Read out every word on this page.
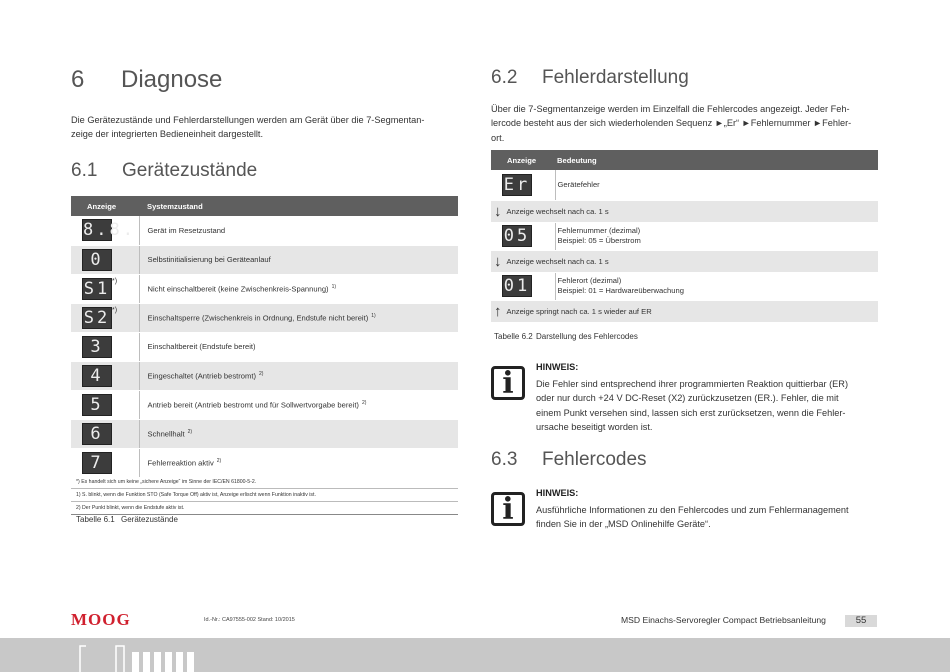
6 Diagnose
Die Gerätezustände und Fehlerdarstellungen werden am Gerät über die 7-Segmentan-
zeige der integrierten Bedieneinheit dargestellt.
6.1 Gerätezustände
Anzeige	Systemzustand
8.8.	Gerät im Resetzustand
0	Selbstinitialisierung bei Geräteanlauf
S1 *)	Nicht einschaltbereit (keine Zwischenkreis-Spannung) $^{1)}$
S2 *)	Einschaltsperre (Zwischenkreis in Ordnung, Endstufe nicht bereit) $^{1)}$
3	Einschaltbereit (Endstufe bereit)
4	Eingeschaltet (Antrieb bestromt) $^{2)}$
5	Antrieb bereit (Antrieb bestromt und für Sollwertvorgabe bereit) $^{2)}$
6	Schnellhalt $^{2)}$
7	Fehlerreaktion aktiv $^{2)}$
*) Es handelt sich um keine „sichere Anzeige“ im Sinne der IEC/EN 61800-5-2.
1) S. blinkt, wenn die Funktion STO (Safe Torque Off) aktiv ist, Anzeige erlischt wenn Funktion inaktiv ist.
2) Der Punkt blinkt, wenn die Endstufe aktiv ist.
Tabelle 6.1 Gerätezustände
6.2 Fehlerdarstellung
Über die 7-Segmentanzeige werden im Einzelfall die Fehlercodes angezeigt. Jeder Feh-
lercode besteht aus der sich wiederholenden Sequenz ►„Er“ ►Fehlernummer ►Fehler-
ort.
Anzeige	Bedeutung
Er	Gerätefehler

↓ Anzeige wechselt nach ca. 1 s	
05	Fehlernummer (dezimal)
Beispiel: 05 = Überstrom

↓ Anzeige wechselt nach ca. 1 s	
01	Fehlerort (dezimal)
Beispiel: 01 = Hardwareüberwachung

↑ Anzeige springt nach ca. 1 s wieder auf ER	
Tabelle 6.2 Darstellung des Fehlercodes
i	HINWEIS:
Die Fehler sind entsprechend ihrer programmierten Reaktion quittierbar (ER)
oder nur durch +24 V DC-Reset (X2) zurückzusetzen (ER.). Fehler, die mit
einem Punkt versehen sind, lassen sich erst zurücksetzen, wenn die Fehler-
ursache beseitigt worden ist.
6.3 Fehlercodes
i	HINWEIS:
Ausführliche Informationen zu den Fehlercodes und zum Fehlermanagement
finden Sie in der „MSD Onlinehilfe Geräte“.
MOOG	Id.-Nr.: CA97555-002 Stand: 10/2015	MSD Einachs-Servoregler Compact Betriebsanleitung	55
